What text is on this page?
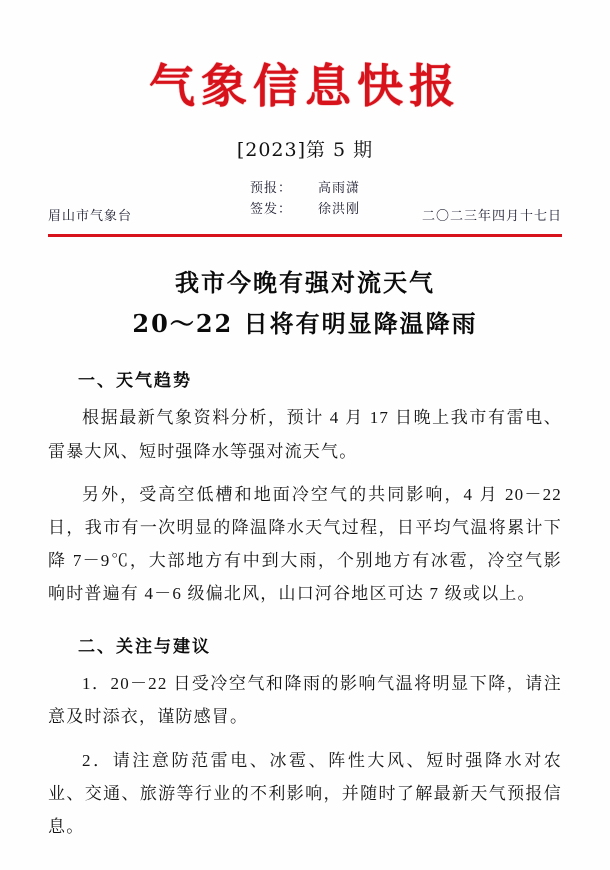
气象信息快报
[2023]第 5 期
预报： 高雨潇
签发： 徐洪刚
眉山市气象台	二〇二三年四月十七日
我市今晚有强对流天气
20～22 日将有明显降温降雨
一、天气趋势
根据最新气象资料分析，预计 4 月 17 日晚上我市有雷电、雷暴大风、短时强降水等强对流天气。
另外，受高空低槽和地面冷空气的共同影响，4 月 20－22 日，我市有一次明显的降温降水天气过程，日平均气温将累计下降 7－9℃，大部地方有中到大雨，个别地方有冰雹，冷空气影响时普遍有 4－6 级偏北风，山口河谷地区可达 7 级或以上。
二、关注与建议
1．20－22 日受冷空气和降雨的影响气温将明显下降，请注意及时添衣，谨防感冒。
2．请注意防范雷电、冰雹、阵性大风、短时强降水对农业、交通、旅游等行业的不利影响，并随时了解最新天气预报信息。
